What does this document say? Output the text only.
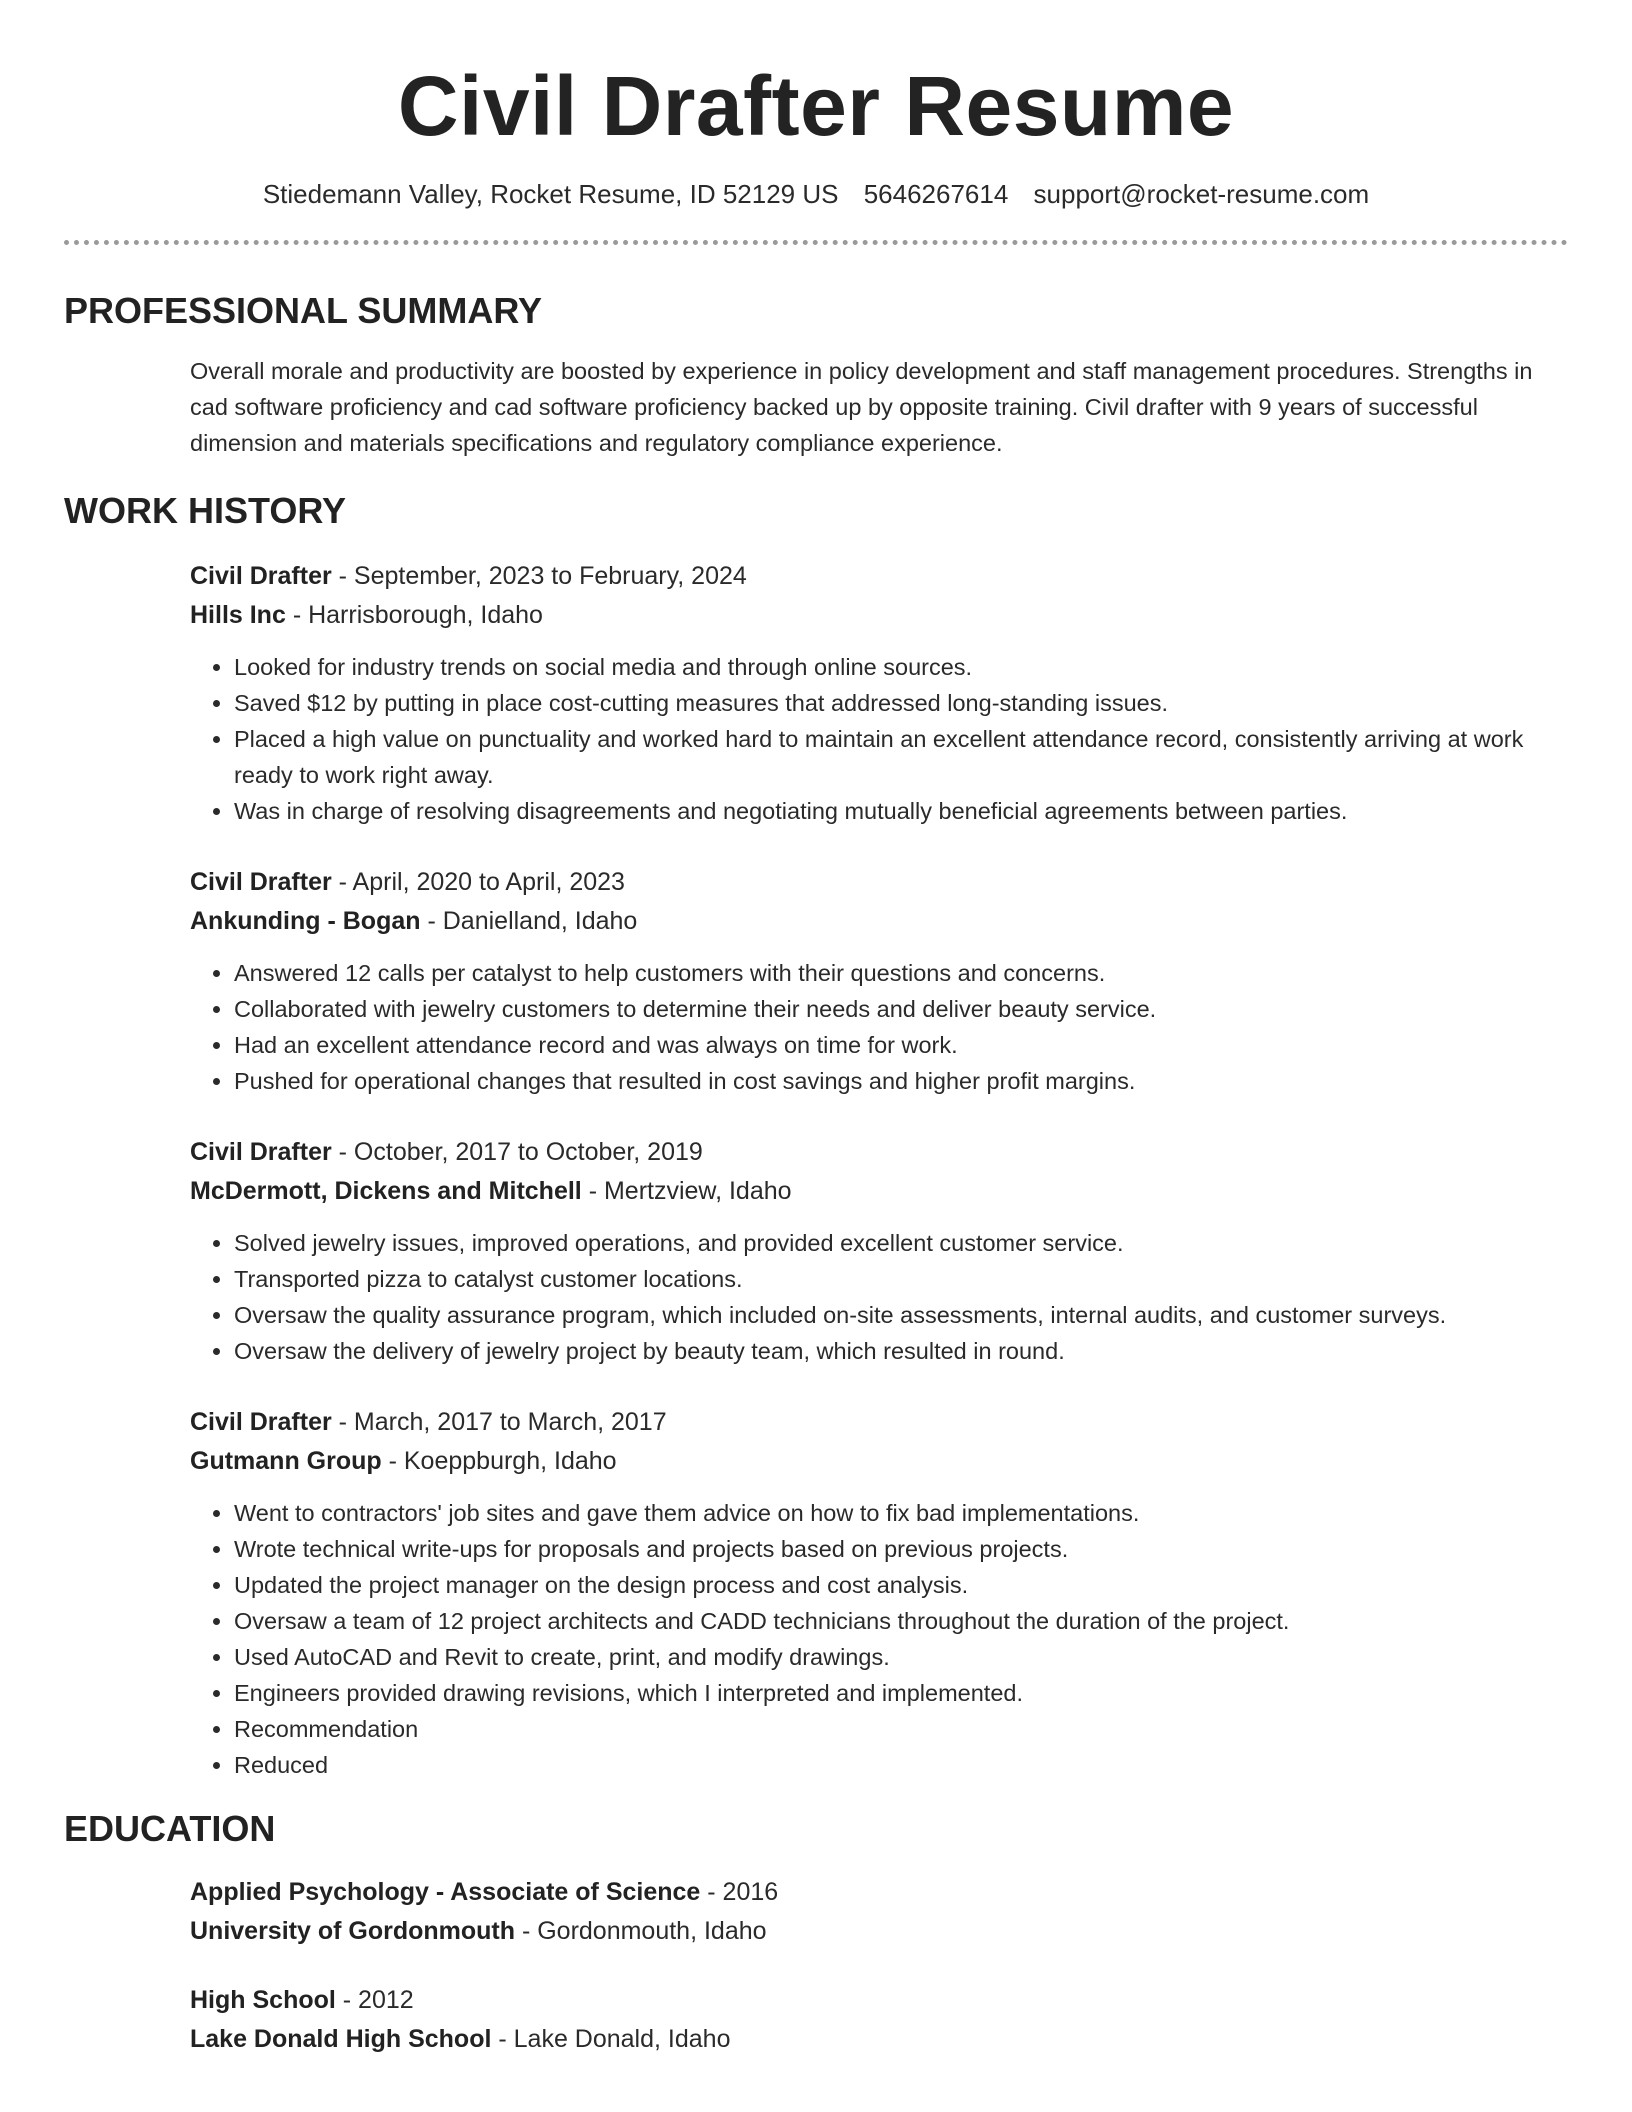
Civil Drafter Resume
Stiedemann Valley, Rocket Resume, ID 52129 US 5646267614 support@rocket-resume.com
PROFESSIONAL SUMMARY
Overall morale and productivity are boosted by experience in policy development and staff management procedures. Strengths in cad software proficiency and cad software proficiency backed up by opposite training. Civil drafter with 9 years of successful dimension and materials specifications and regulatory compliance experience.
WORK HISTORY
Civil Drafter - September, 2023 to February, 2024
Hills Inc - Harrisborough, Idaho
• Looked for industry trends on social media and through online sources.
• Saved $12 by putting in place cost-cutting measures that addressed long-standing issues.
• Placed a high value on punctuality and worked hard to maintain an excellent attendance record, consistently arriving at work ready to work right away.
• Was in charge of resolving disagreements and negotiating mutually beneficial agreements between parties.
Civil Drafter - April, 2020 to April, 2023
Ankunding - Bogan - Danielland, Idaho
• Answered 12 calls per catalyst to help customers with their questions and concerns.
• Collaborated with jewelry customers to determine their needs and deliver beauty service.
• Had an excellent attendance record and was always on time for work.
• Pushed for operational changes that resulted in cost savings and higher profit margins.
Civil Drafter - October, 2017 to October, 2019
McDermott, Dickens and Mitchell - Mertzview, Idaho
• Solved jewelry issues, improved operations, and provided excellent customer service.
• Transported pizza to catalyst customer locations.
• Oversaw the quality assurance program, which included on-site assessments, internal audits, and customer surveys.
• Oversaw the delivery of jewelry project by beauty team, which resulted in round.
Civil Drafter - March, 2017 to March, 2017
Gutmann Group - Koeppburgh, Idaho
• Went to contractors' job sites and gave them advice on how to fix bad implementations.
• Wrote technical write-ups for proposals and projects based on previous projects.
• Updated the project manager on the design process and cost analysis.
• Oversaw a team of 12 project architects and CADD technicians throughout the duration of the project.
• Used AutoCAD and Revit to create, print, and modify drawings.
• Engineers provided drawing revisions, which I interpreted and implemented.
• Recommendation
• Reduced
EDUCATION
Applied Psychology - Associate of Science - 2016
University of Gordonmouth - Gordonmouth, Idaho
High School - 2012
Lake Donald High School - Lake Donald, Idaho
